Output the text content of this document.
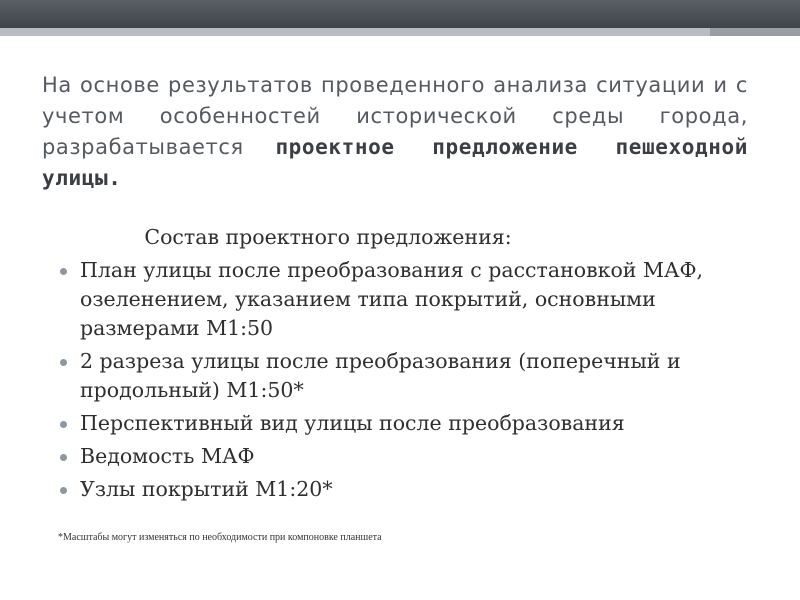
На основе результатов проведенного анализа ситуации и с учетом особенностей исторической среды города, разрабатывается проектное предложение пешеходной улицы.
Состав проектного предложения:
План улицы после преобразования с расстановкой МАФ, озеленением, указанием типа покрытий, основными размерами М1:50
2 разреза улицы после преобразования (поперечный и продольный) М1:50*
Перспективный вид улицы после преобразования
Ведомость МАФ
Узлы покрытий М1:20*
*Масштабы могут изменяться по необходимости при компоновке планшета
